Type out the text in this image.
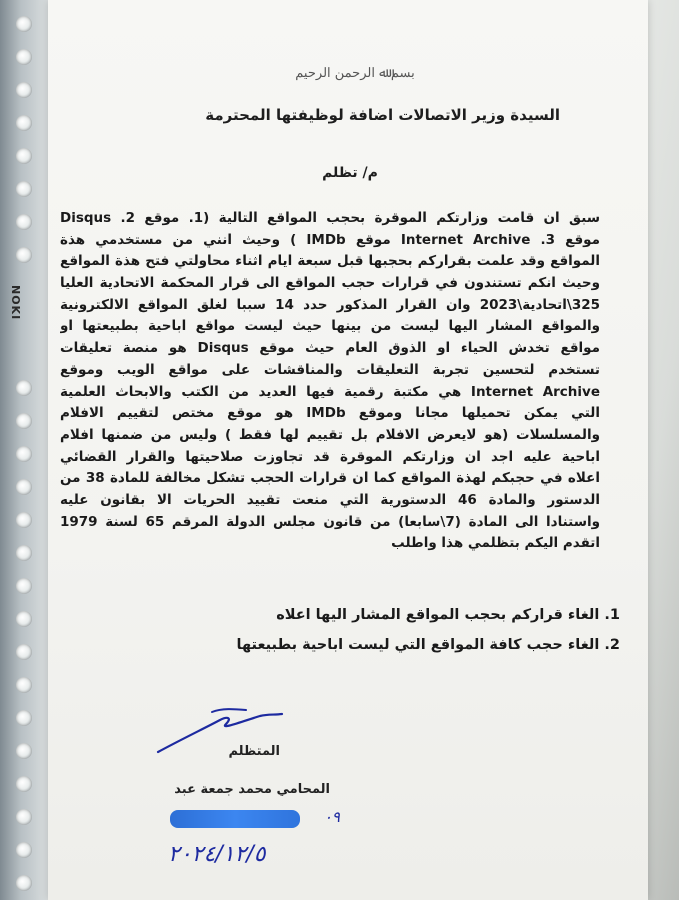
NOKI
بسم ﷲ الرحمن الرحيم
السيدة وزير الاتصالات اضافة لوظيفتها المحترمة
م/ تظلم
سبق ان قامت وزارتكم الموقرة بحجب المواقع التالية (1. موقع Disqus .2
موقع Internet Archive .3 موقع IMDb ) وحيث انني من مستخدمي هذة
المواقع وقد علمت بقراركم بحجبها قبل سبعة ايام اثناء محاولتي فتح هذة المواقع
وحيث انكم تستندون في قرارات حجب المواقع الى قرار المحكمة الاتحادية العليا
325\اتحادية\2023 وان القرار المذكور حدد 14 سببا لغلق المواقع الالكترونية
والمواقع المشار اليها ليست من بينها حيث ليست مواقع اباحية بطبيعتها او
مواقع تخدش الحياء او الذوق العام حيث موقع Disqus هو منصة تعليقات
تستخدم لتحسين تجربة التعليقات والمناقشات على مواقع الويب وموقع
Internet Archive هي مكتبة رقمية فيها العديد من الكتب والابحاث العلمية
التي يمكن تحميلها مجانا وموقع IMDb هو موقع مختص لتقييم الافلام
والمسلسلات (هو لايعرض الافلام بل تقييم لها فقط ) وليس من ضمنها افلام
اباحية عليه اجد ان وزارتكم الموقرة قد تجاوزت صلاحيتها والقرار القضائي
اعلاه في حجبكم لهذة المواقع كما ان قرارات الحجب تشكل مخالفة للمادة 38 من
الدستور والمادة 46 الدستورية التي منعت تقييد الحريات الا بقانون عليه
واستنادا الى المادة (7\سابعا) من قانون مجلس الدولة المرقم 65 لسنة 1979
اتقدم اليكم بتظلمي هذا واطلب
1. الغاء قراركم بحجب المواقع المشار اليها اعلاه
2. الغاء حجب كافة المواقع التي ليست اباحية بطبيعتها
المتظلم
المحامي محمد جمعة عبد
٠٩
٢٠٢٤/١٢/٥
